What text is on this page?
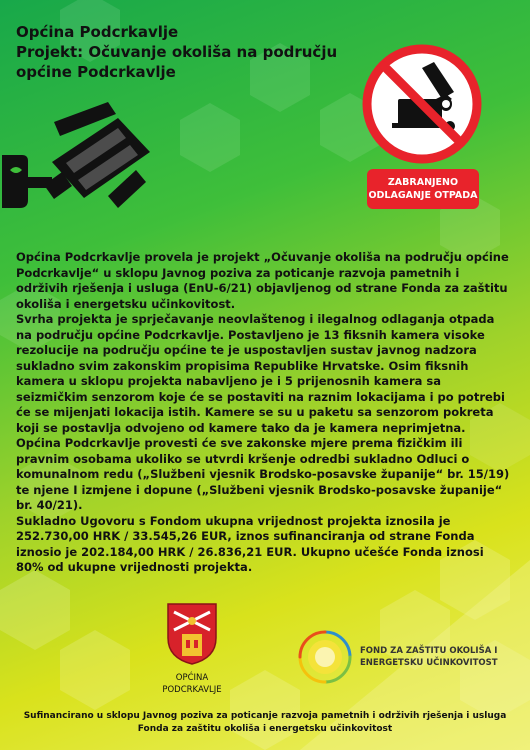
Općina Podcrkavlje
Projekt: Očuvanje okoliša na području
općine Podcrkavlje
ZABRANJENO
ODLAGANJE OTPADA

Općina Podcrkavlje provela je projekt „Očuvanje okoliša na području općine Podcrkavlje“ u sklopu Javnog poziva za poticanje razvoja pametnih i održivih rješenja i usluga (EnU-6/21) objavljenog od strane Fonda za zaštitu okoliša i energetsku učinkovitost.

Svrha projekta je sprječavanje neovlaštenog i ilegalnog odlaganja otpada na području općine Podcrkavlje. Postavljeno je 13 fiksnih kamera visoke rezolucije na području općine te je uspostavljen sustav javnog nadzora sukladno svim zakonskim propisima Republike Hrvatske. Osim fiksnih kamera u sklopu projekta nabavljeno je i 5 prijenosnih kamera sa seizmičkim senzorom koje će se postaviti na raznim lokacijama i po potrebi će se mijenjati lokacija istih. Kamere se su u paketu sa senzorom pokreta koji se postavlja odvojeno od kamere tako da je kamera neprimjetna.

Općina Podcrkavlje provesti će sve zakonske mjere prema fizičkim ili pravnim osobama ukoliko se utvrdi kršenje odredbi sukladno Odluci o komunalnom redu („Službeni vjesnik Brodsko-posavske županije“ br. 15/19) te njene I izmjene i dopune („Službeni vjesnik Brodsko-posavske županije“ br. 40/21).

Sukladno Ugovoru s Fondom ukupna vrijednost projekta iznosila je 252.730,00 HRK / 33.545,26 EUR, iznos sufinanciranja od strane Fonda iznosio je 202.184,00 HRK / 26.836,21 EUR. Ukupno učešće Fonda iznosi 80% od ukupne vrijednosti projekta.

OPĆINA
PODCRKAVLJE
FOND ZA ZAŠTITU OKOLIŠA I
ENERGETSKU UČINKOVITOST
Sufinancirano u sklopu Javnog poziva za poticanje razvoja pametnih i održivih rješenja i usluga
Fonda za zaštitu okoliša i energetsku učinkovitost
